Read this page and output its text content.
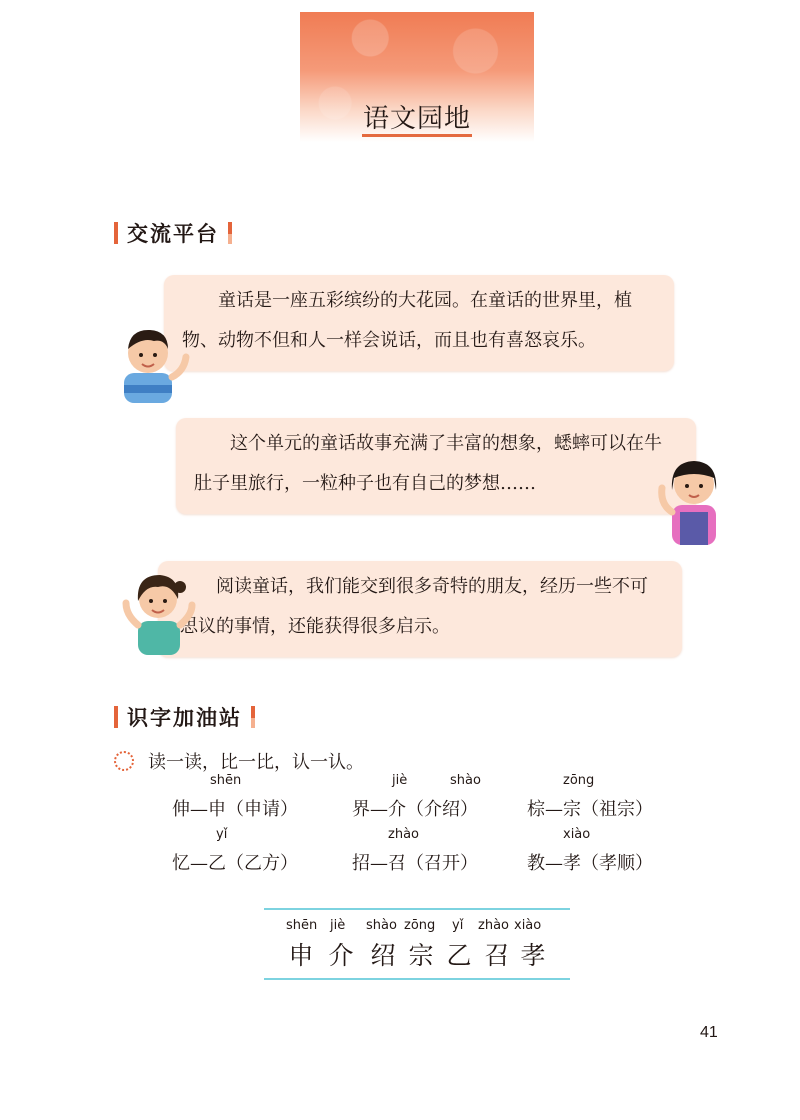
语文园地
交流平台

童话是一座五彩缤纷的大花园。在童话的世界里，植物、动物不但和人一样会说话，而且也有喜怒哀乐。

这个单元的童话故事充满了丰富的想象，蟋蟀可以在牛肚子里旅行，一粒种子也有自己的梦想……

阅读童话，我们能交到很多奇特的朋友，经历一些不可思议的事情，还能获得很多启示。

识字加油站
读一读，比一比，认一认。
shēn
伸—申（申请）
jiè	shào
界—介（介绍）
zōng
棕—宗（祖宗）
yǐ
忆—乙（乙方）
zhào
招—召（召开）
xiào
教—孝（孝顺）
shēn
申
jiè
介
shào
绍
zōng
宗
yǐ
乙
zhào
召
xiào
孝
41
